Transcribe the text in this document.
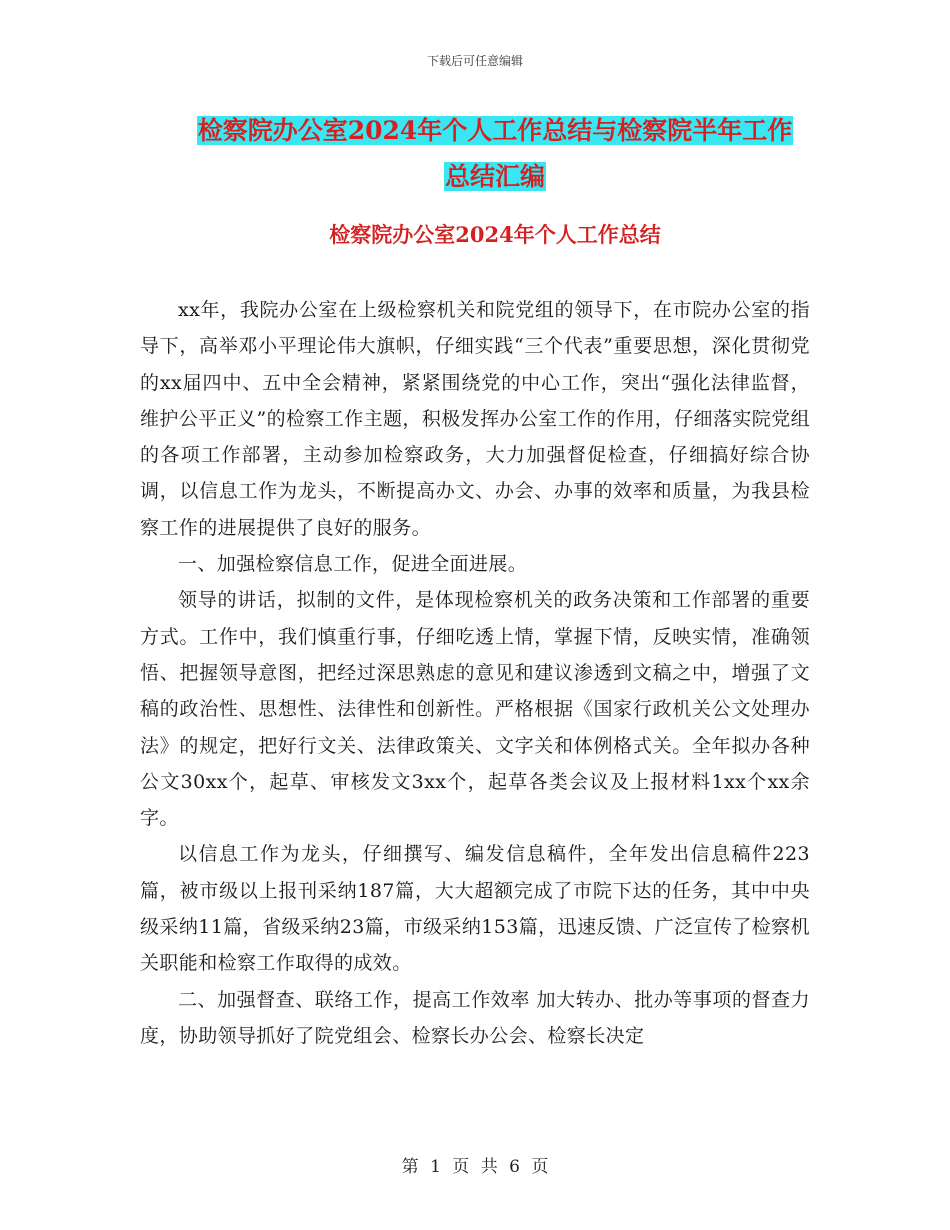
下载后可任意编辑
检察院办公室2024年个人工作总结与检察院半年工作
总结汇编
检察院办公室2024年个人工作总结

xx年，我院办公室在上级检察机关和院党组的领导下，在市院办公室的指导下，高举邓小平理论伟大旗帜，仔细实践“三个代表”重要思想，深化贯彻党的xx届四中、五中全会精神，紧紧围绕党的中心工作，突出“强化法律监督，维护公平正义”的检察工作主题，积极发挥办公室工作的作用，仔细落实院党组的各项工作部署，主动参加检察政务，大力加强督促检查，仔细搞好综合协调，以信息工作为龙头，不断提高办文、办会、办事的效率和质量，为我县检察工作的进展提供了良好的服务。

一、加强检察信息工作，促进全面进展。

领导的讲话，拟制的文件，是体现检察机关的政务决策和工作部署的重要方式。工作中，我们慎重行事，仔细吃透上情，掌握下情，反映实情，准确领悟、把握领导意图，把经过深思熟虑的意见和建议渗透到文稿之中，增强了文稿的政治性、思想性、法律性和创新性。严格根据《国家行政机关公文处理办法》的规定，把好行文关、法律政策关、文字关和体例格式关。全年拟办各种公文30xx个，起草、审核发文3xx个，起草各类会议及上报材料1xx个xx余字。

以信息工作为龙头，仔细撰写、编发信息稿件，全年发出信息稿件223篇，被市级以上报刊采纳187篇，大大超额完成了市院下达的任务，其中中央级采纳11篇，省级采纳23篇，市级采纳153篇，迅速反馈、广泛宣传了检察机关职能和检察工作取得的成效。

二、加强督查、联络工作，提高工作效率 加大转办、批办等事项的督查力度，协助领导抓好了院党组会、检察长办公会、检察长决定

第 1 页 共 6 页
